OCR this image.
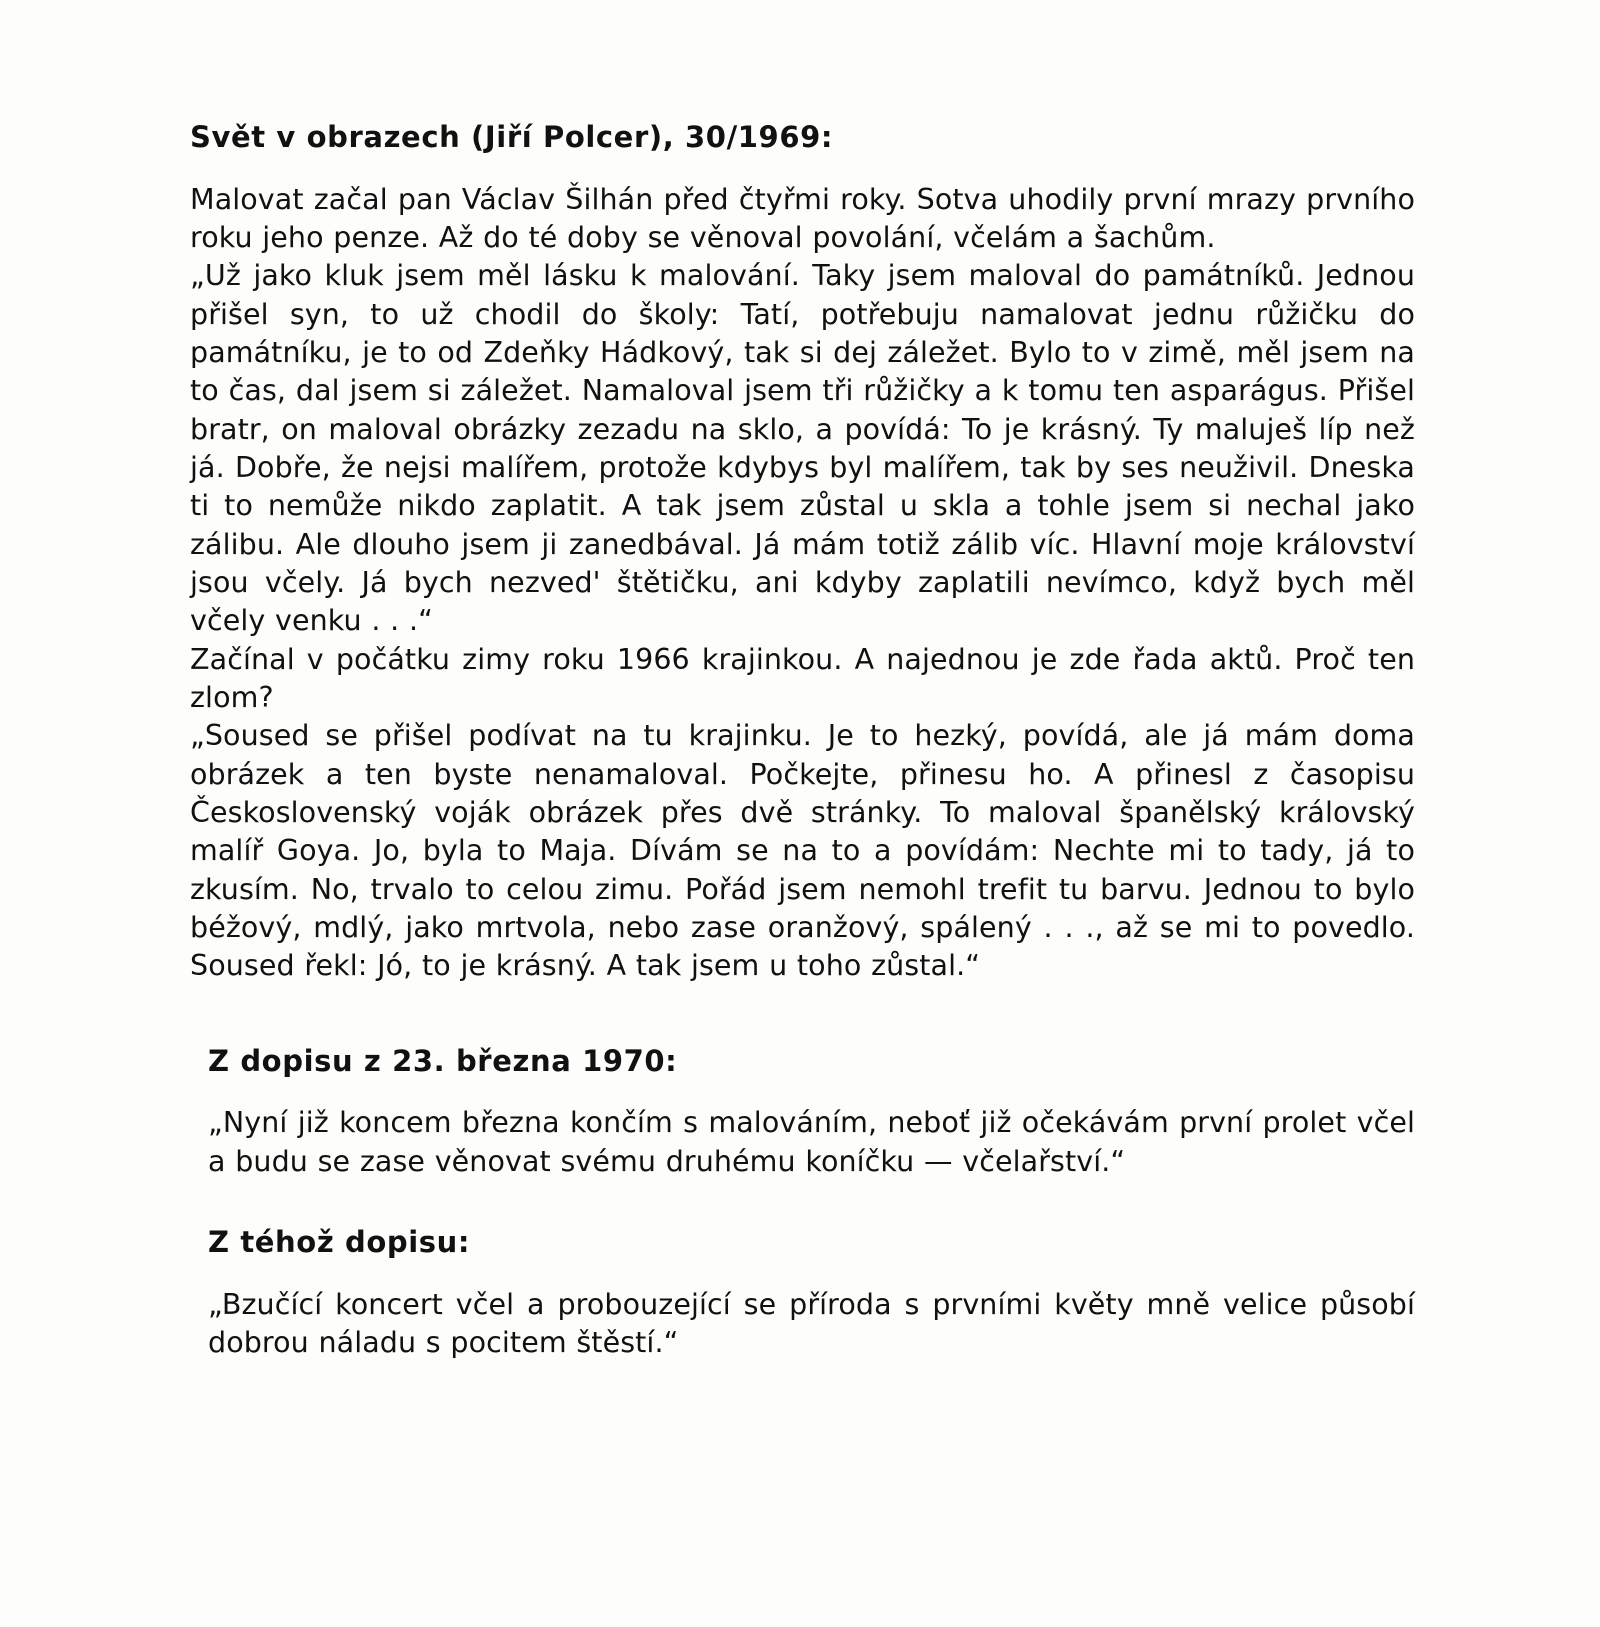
Svět v obrazech (Jiří Polcer), 30/1969:

Malovat začal pan Václav Šilhán před čtyřmi roky. Sotva uhodily první mrazy prvního roku jeho penze. Až do té doby se věnoval povolání, včelám a šachům.

„Už jako kluk jsem měl lásku k malování. Taky jsem maloval do památníků. Jednou přišel syn, to už chodil do školy: Tatí, potřebuju namalovat jednu růžičku do památníku, je to od Zdeňky Hádkový, tak si dej záležet. Bylo to v zimě, měl jsem na to čas, dal jsem si záležet. Namaloval jsem tři růžičky a k tomu ten asparágus. Přišel bratr, on maloval obrázky zezadu na sklo, a povídá: To je krásný. Ty maluješ líp než já. Dobře, že nejsi malířem, protože kdybys byl malířem, tak by ses neuživil. Dneska ti to nemůže nikdo zaplatit. A tak jsem zůstal u skla a tohle jsem si nechal jako zálibu. Ale dlouho jsem ji zanedbával. Já mám totiž zálib víc. Hlavní moje království jsou včely. Já bych nezved' štětičku, ani kdyby zaplatili nevímco, když bych měl včely venku . . .“

Začínal v počátku zimy roku 1966 krajinkou. A najednou je zde řada aktů. Proč ten zlom?

„Soused se přišel podívat na tu krajinku. Je to hezký, povídá, ale já mám doma obrázek a ten byste nenamaloval. Počkejte, přinesu ho. A přinesl z časopisu Československý voják obrázek přes dvě stránky. To maloval španělský královský malíř Goya. Jo, byla to Maja. Dívám se na to a povídám: Nechte mi to tady, já to zkusím. No, trvalo to celou zimu. Pořád jsem nemohl trefit tu barvu. Jednou to bylo béžový, mdlý, jako mrtvola, nebo zase oranžový, spálený . . ., až se mi to povedlo. Soused řekl: Jó, to je krásný. A tak jsem u toho zůstal.“

Z dopisu z 23. března 1970:

„Nyní již koncem března končím s malováním, neboť již očekávám první prolet včel a budu se zase věnovat svému druhému koníčku — včelařství.“

Z téhož dopisu:

„Bzučící koncert včel a probouzející se příroda s prvními květy mně velice působí dobrou náladu s pocitem štěstí.“
